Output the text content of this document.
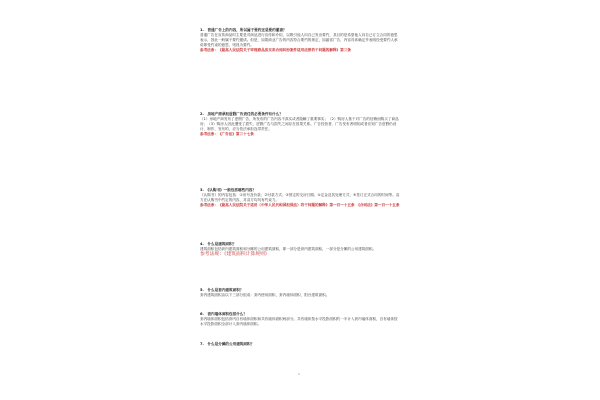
1.　普通广告上的内容，所以属于要约还是要约邀请？
普通广告在宣传商品时主要是对商品进行宣传和介绍，以吸引他人向自己发出要约，其目的是希望他人向自己订立合同的意思表示，因此一般属于要约邀请。但是，如果商业广告的内容符合要约的规定，如悬赏广告，内容具体确定并表明经受要约人承诺即受约束的意思，则视为要约。
参考法条：《最高人民法院关于审理商品房买卖合同纠纷案件适用法律若干问题的解释》第三条
2.　房地产商承担虚假广告责任的必要条件有什么？
（1）房地产商发布了虚假广告，所发布的广告内容不真实或者隐瞒了重要事实；（2）购房人基于对广告的信赖而购买了商品房；（3）购房人因此遭受了损失，虚假广告与损失之间存在因果关系。广告经营者、广告发布者明知或者应知广告虚假仍设计、制作、发布的，应当依法承担连带责任。
参考法条：《广告法》第三十七条
3.　《认购书》一般包括哪些内容？
《认购书》的内容包括：①房号及价款；②付款方式；③预定的交房日期；④定金及其处理方式；⑤签订正式合同的时间等。双方在认购书中约定的内容，对双方均具有约束力。
参考法条：《最高人民法院关于适用〈中华人民共和国担保法〉若干问题的解释》第一百一十五条　《合同法》第一百一十五条
4.　什么是建筑面积？
建筑面积包括套内建筑面积和分摊的公用建筑面积，即一部分是套内建筑面积，一部分是分摊的公用建筑面积。
参考法规：《建筑面积计算规则》
5.　什么是套内建筑面积？
套内建筑面积由以下三部分组成：套内使用面积、套内墙体面积、阳台建筑面积。
6.　套内墙体面积包括什么？
套内墙体面积包括套内自有墙体面积和共有墙体面积两部分。共有墙体按水平投影面积的一半计入套内墙体面积，自有墙体按水平投影面积全部计入套内墙体面积。
7.　什么是分摊的公用建筑面积？
1
